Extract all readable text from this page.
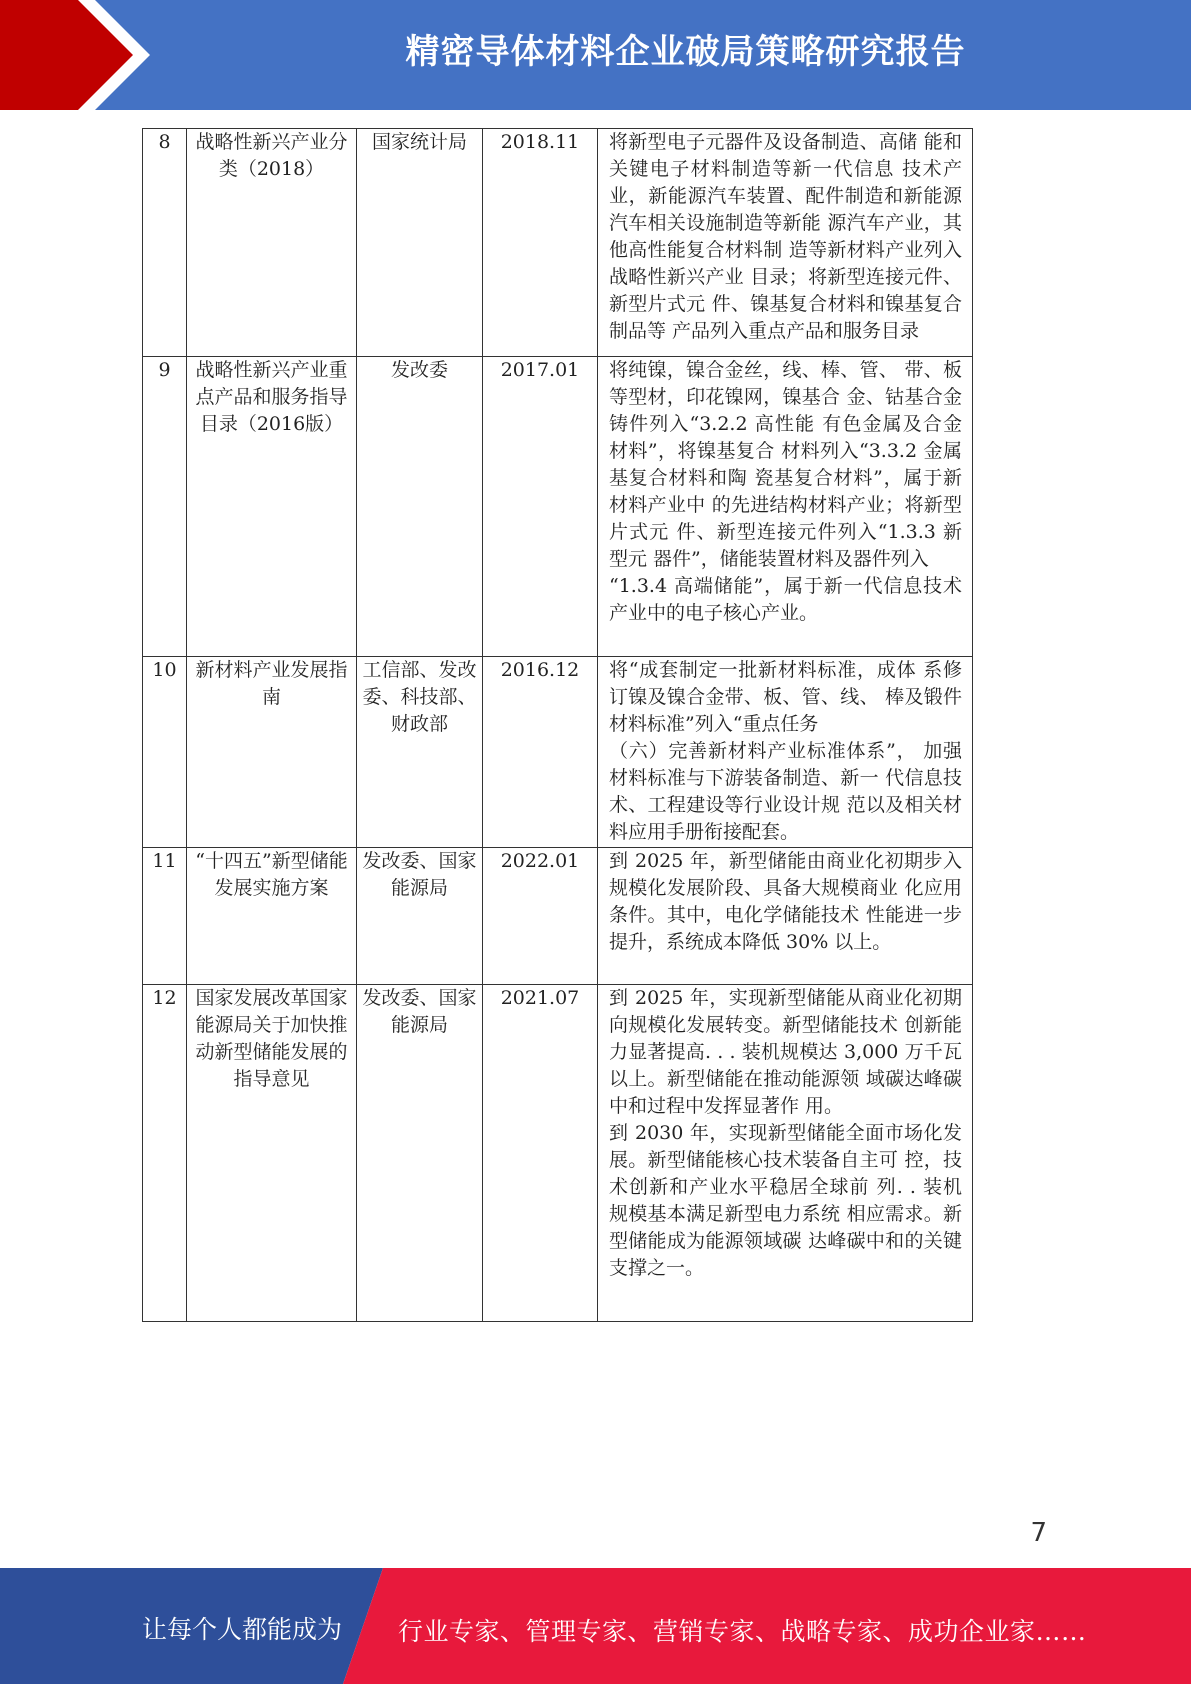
精密导体材料企业破局策略研究报告
8	战略性新兴产业分类（2018）	国家统计局	2018.11	将新型电子元器件及设备制造、高储 能和关键电子材料制造等新一代信息 技术产业，新能源汽车装置、配件制造和新能源汽车相关设施制造等新能 源汽车产业，其他高性能复合材料制 造等新材料产业列入战略性新兴产业 目录；将新型连接元件、新型片式元 件、镍基复合材料和镍基复合制品等 产品列入重点产品和服务目录

9	战略性新兴产业重点产品和服务指导目录（2016版）	发改委	2017.01	将纯镍，镍合金丝，线、棒、管、 带、板等型材，印花镍网，镍基合 金、钴基合金铸件列入“3.2.2 高性能 有色金属及合金材料”，将镍基复合 材料列入“3.3.2 金属基复合材料和陶 瓷基复合材料”，属于新材料产业中 的先进结构材料产业；将新型片式元 件、新型连接元件列入“1.3.3 新型元 器件”，储能装置材料及器件列入
“1.3.4 高端储能”，属于新一代信息技术产业中的电子核心产业。

10	新材料产业发展指南	工信部、发改委、科技部、财政部	2016.12	将“成套制定一批新材料标准，成体 系修订镍及镍合金带、板、管、线、 棒及锻件材料标准”列入“重点任务
（六）完善新材料产业标准体系”， 加强材料标准与下游装备制造、新一 代信息技术、工程建设等行业设计规 范以及相关材料应用手册衔接配套。

11	“十四五”新型储能发展实施方案	发改委、国家能源局	2022.01	到 2025 年，新型储能由商业化初期步入规模化发展阶段、具备大规模商业 化应用条件。其中，电化学储能技术 性能进一步提升，系统成本降低 30% 以上。

12	国家发展改革国家能源局关于加快推动新型储能发展的指导意见	发改委、国家能源局	2021.07	到 2025 年，实现新型储能从商业化初期向规模化发展转变。新型储能技术 创新能力显著提高. . . 装机规模达 3,000 万千瓦以上。新型储能在推动能源领 域碳达峰碳中和过程中发挥显著作 用。
到 2030 年，实现新型储能全面市场化发展。新型储能核心技术装备自主可 控，技术创新和产业水平稳居全球前 列. . 装机规模基本满足新型电力系统 相应需求。新型储能成为能源领域碳 达峰碳中和的关键支撑之一。
7
让每个人都能成为 行业专家、管理专家、营销专家、战略专家、成功企业家……
